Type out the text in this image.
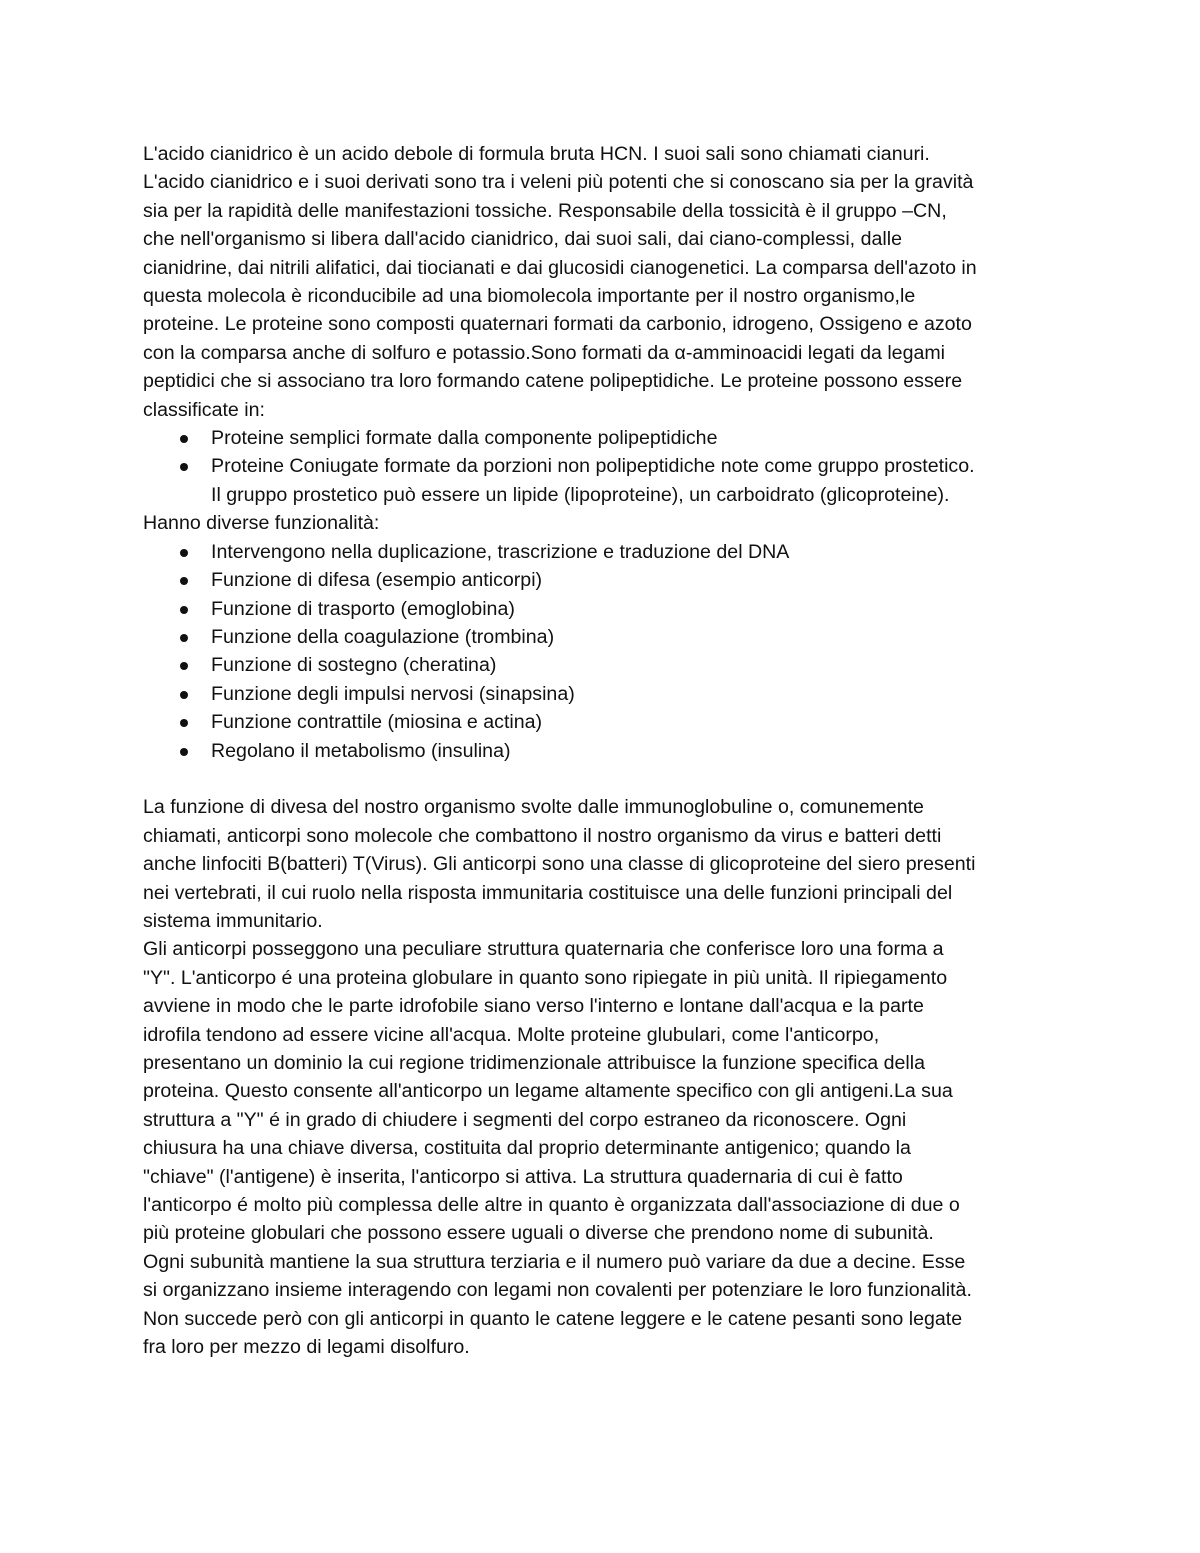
L'acido cianidrico è un acido debole di formula bruta HCN. I suoi sali sono chiamati cianuri.
L'acido cianidrico e i suoi derivati sono tra i veleni più potenti che si conoscano sia per la gravità
sia per la rapidità delle manifestazioni tossiche. Responsabile della tossicità è il gruppo –CN,
che nell'organismo si libera dall'acido cianidrico, dai suoi sali, dai ciano-complessi, dalle
cianidrine, dai nitrili alifatici, dai tiocianati e dai glucosidi cianogenetici. La comparsa dell'azoto in
questa molecola è riconducibile ad una biomolecola importante per il nostro organismo,le
proteine. Le proteine sono composti quaternari formati da carbonio, idrogeno, Ossigeno e azoto
con la comparsa anche di solfuro e potassio.Sono formati da α-amminoacidi legati da legami
peptidici che si associano tra loro formando catene polipeptidiche. Le proteine possono essere
classificate in:

Proteine semplici formate dalla componente polipeptidiche
Proteine Coniugate formate da porzioni non polipeptidiche note come gruppo prostetico.
Il gruppo prostetico può essere un lipide (lipoproteine), un carboidrato (glicoproteine).

Hanno diverse funzionalità:

Intervengono nella duplicazione, trascrizione e traduzione del DNA
Funzione di difesa (esempio anticorpi)
Funzione di trasporto (emoglobina)
Funzione della coagulazione (trombina)
Funzione di sostegno (cheratina)
Funzione degli impulsi nervosi (sinapsina)
Funzione contrattile (miosina e actina)
Regolano il metabolismo (insulina)

La funzione di divesa del nostro organismo svolte dalle immunoglobuline o, comunemente
chiamati, anticorpi sono molecole che combattono il nostro organismo da virus e batteri detti
anche linfociti B(batteri) T(Virus). Gli anticorpi sono una classe di glicoproteine del siero presenti
nei vertebrati, il cui ruolo nella risposta immunitaria costituisce una delle funzioni principali del
sistema immunitario.

Gli anticorpi posseggono una peculiare struttura quaternaria che conferisce loro una forma a
"Y". L'anticorpo é una proteina globulare in quanto sono ripiegate in più unità. Il ripiegamento
avviene in modo che le parte idrofobile siano verso l'interno e lontane dall'acqua e la parte
idrofila tendono ad essere vicine all'acqua. Molte proteine glubulari, come l'anticorpo,
presentano un dominio la cui regione tridimenzionale attribuisce la funzione specifica della
proteina. Questo consente all'anticorpo un legame altamente specifico con gli antigeni.La sua
struttura a "Y" é in grado di chiudere i segmenti del corpo estraneo da riconoscere. Ogni
chiusura ha una chiave diversa, costituita dal proprio determinante antigenico; quando la
"chiave" (l'antigene) è inserita, l'anticorpo si attiva. La struttura quadernaria di cui è fatto
l'anticorpo é molto più complessa delle altre in quanto è organizzata dall'associazione di due o
più proteine globulari che possono essere uguali o diverse che prendono nome di subunità.
Ogni subunità mantiene la sua struttura terziaria e il numero può variare da due a decine. Esse
si organizzano insieme interagendo con legami non covalenti per potenziare le loro funzionalità.
Non succede però con gli anticorpi in quanto le catene leggere e le catene pesanti sono legate
fra loro per mezzo di legami disolfuro.
